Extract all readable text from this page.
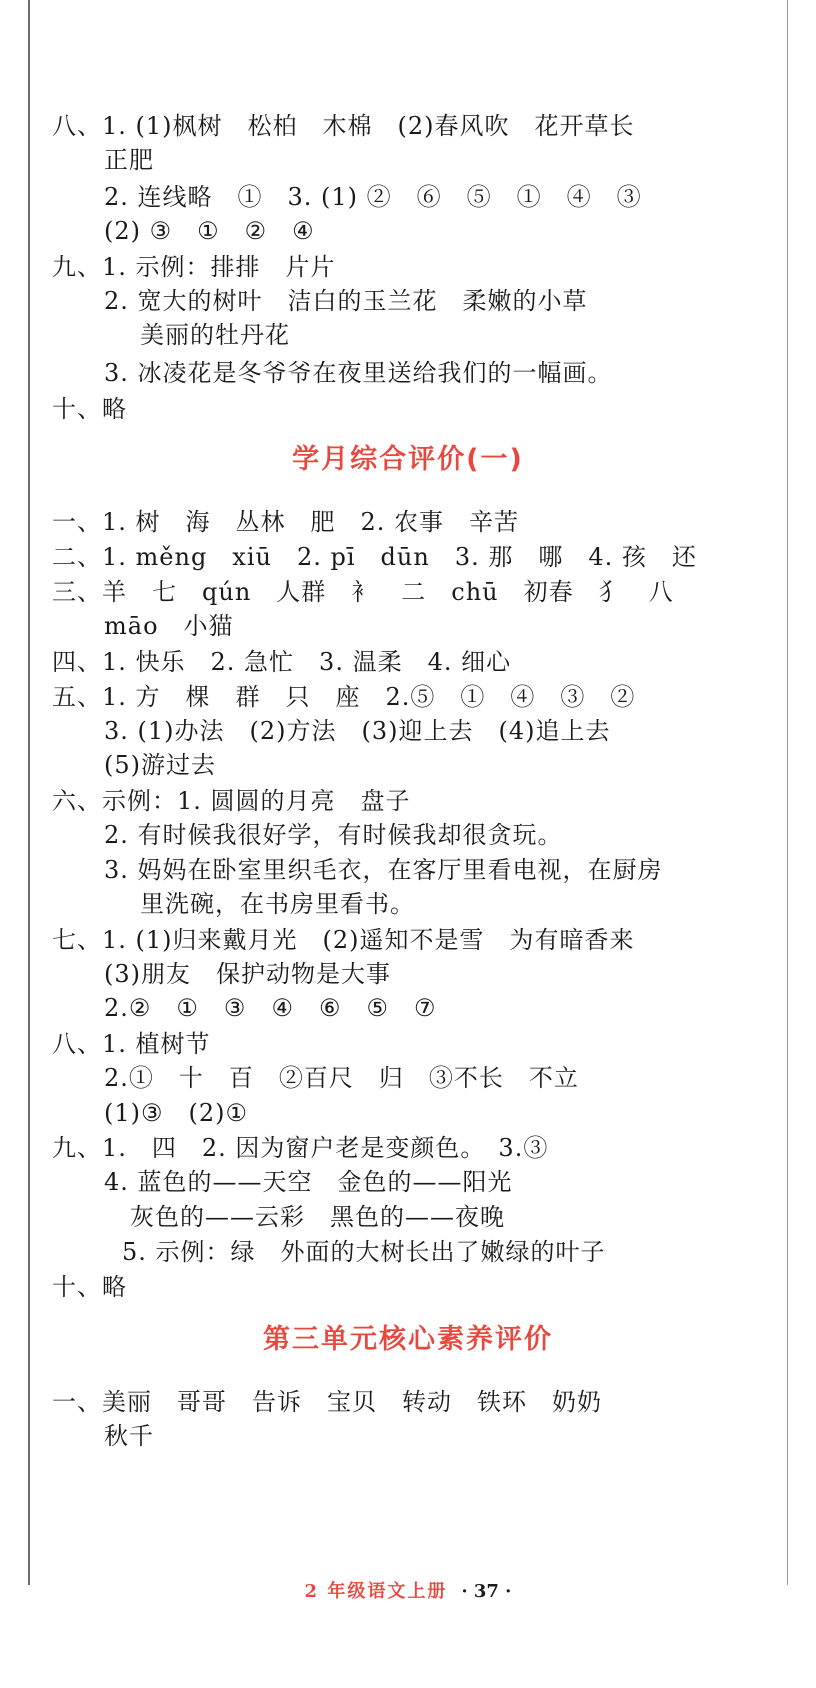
八、1. (1)枫树　松柏　木棉　(2)春风吹　花开草长
正肥
2. 连线略　①　3. (1) ②　⑥　⑤　①　④　③
(2) ③　①　②　④
九、1. 示例：排排　片片
2. 宽大的树叶　洁白的玉兰花　柔嫩的小草
美丽的牡丹花
3. 冰凌花是冬爷爷在夜里送给我们的一幅画。
十、略
学月综合评价(一)
一、1. 树　海　丛林　肥　2. 农事　辛苦
二、1. měng　xiū　2. pī　dūn　3. 那　哪　4. 孩　还
三、羊　七　qún　人群　衤　二　chū　初春　犭　八
māo　小猫
四、1. 快乐　2. 急忙　3. 温柔　4. 细心
五、1. 方　棵　群　只　座　2.⑤　①　④　③　②
3. (1)办法　(2)方法　(3)迎上去　(4)追上去
(5)游过去
六、示例：1. 圆圆的月亮　盘子
2. 有时候我很好学，有时候我却很贪玩。
3. 妈妈在卧室里织毛衣，在客厅里看电视，在厨房
里洗碗，在书房里看书。
七、1. (1)归来戴月光　(2)遥知不是雪　为有暗香来
(3)朋友　保护动物是大事
2.②　①　③　④　⑥　⑤　⑦
八、1. 植树节
2.①　十　百　②百尺　归　③不长　不立
(1)③　(2)①
九、1.　四　2. 因为窗户老是变颜色。　3.③
4. 蓝色的——天空　金色的——阳光
灰色的——云彩　黑色的——夜晚
5. 示例：绿　外面的大树长出了嫩绿的叶子
十、略
第三单元核心素养评价
一、美丽　哥哥　告诉　宝贝　转动　铁环　奶奶
秋千
2 年级语文上册 · 37 ·
